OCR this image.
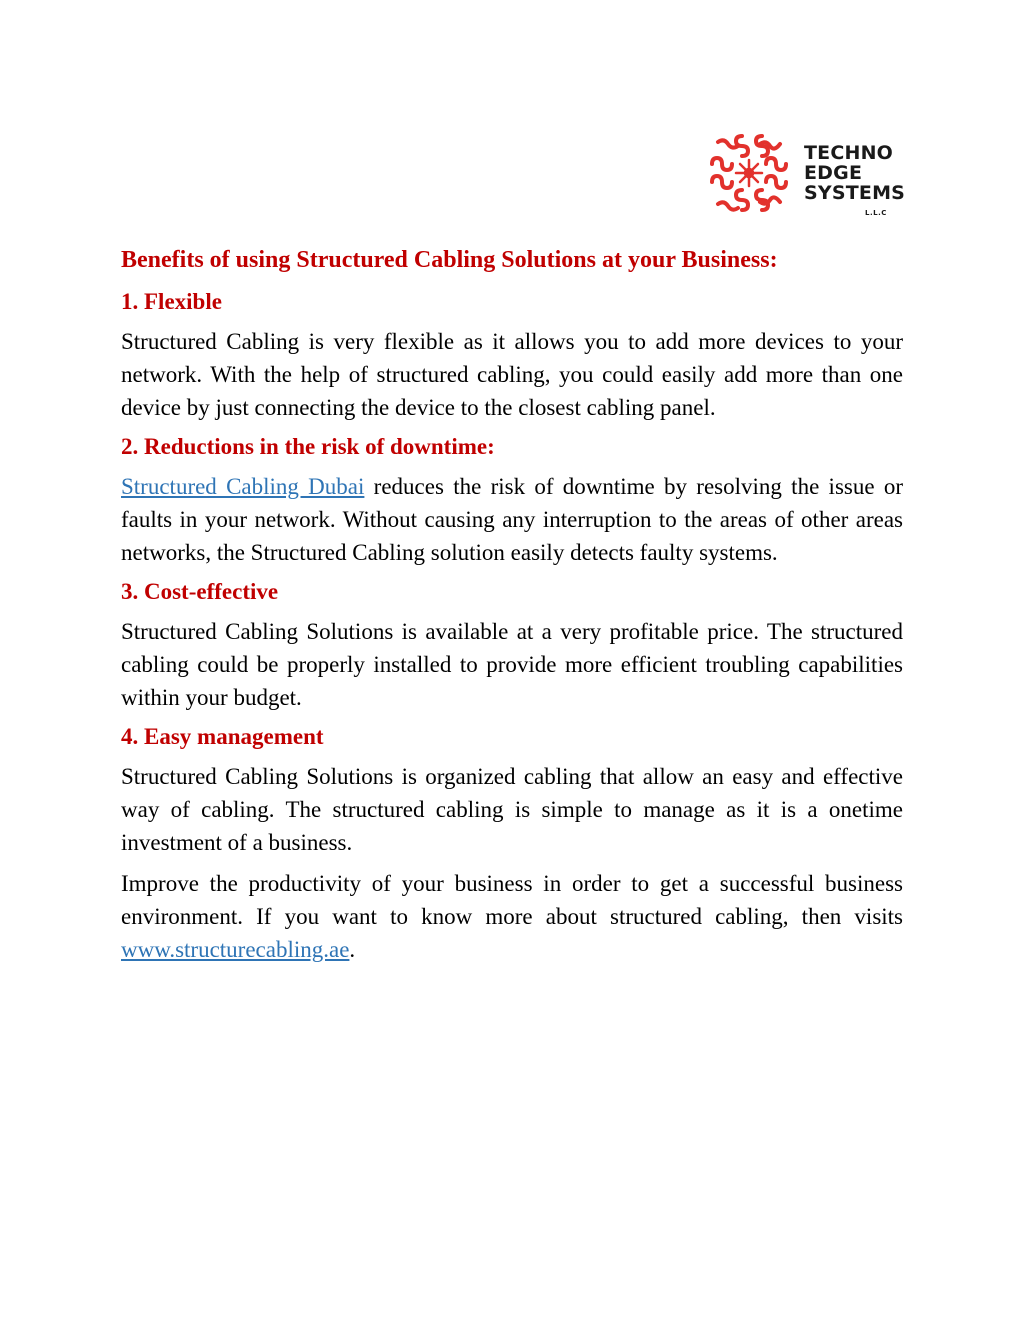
TECHNO
EDGE
SYSTEMS
L.L.C
Benefits of using Structured Cabling Solutions at your Business:
1. Flexible

Structured Cabling is very flexible as it allows you to add more devices to your network. With the help of structured cabling, you could easily add more than one device by just connecting the device to the closest cabling panel.

2. Reductions in the risk of downtime:

Structured Cabling Dubai reduces the risk of downtime by resolving the issue or faults in your network. Without causing any interruption to the areas of other areas networks, the Structured Cabling solution easily detects faulty systems.

3. Cost-effective

Structured Cabling Solutions is available at a very profitable price. The structured cabling could be properly installed to provide more efficient troubling capabilities within your budget.

4. Easy management

Structured Cabling Solutions is organized cabling that allow an easy and effective way of cabling. The structured cabling is simple to manage as it is a onetime investment of a business.

Improve the productivity of your business in order to get a successful business environment. If you want to know more about structured cabling, then visits www.structurecabling.ae.
